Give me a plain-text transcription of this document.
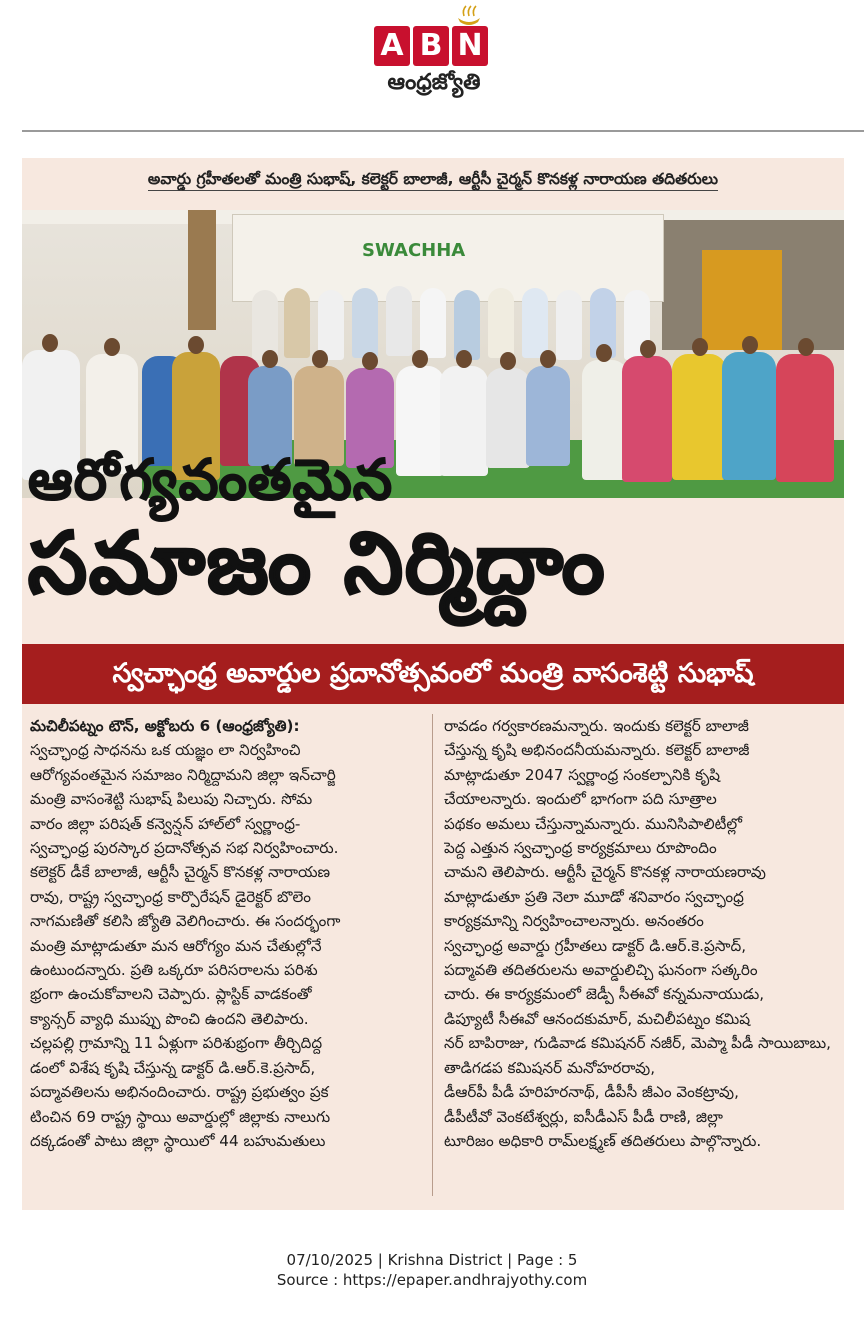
A B N
ఆంధ్రజ్యోతి
అవార్డు గ్రహీతలతో మంత్రి సుభాష్, కలెక్టర్ బాలాజీ, ఆర్టీసీ చైర్మన్ కొనకళ్ల నారాయణ తదితరులు
SWACHHA
ఆరోగ్యవంతమైన
సమాజం నిర్మిద్దాం
స్వచ్ఛాంధ్ర అవార్డుల ప్రదానోత్సవంలో మంత్రి వాసంశెట్టి సుభాష్
మచిలీపట్నం టౌన్, అక్టోబరు 6 (ఆంధ్రజ్యోతి):
స్వచ్ఛాంధ్ర సాధనను ఒక యజ్ఞం లా నిర్వహించి
ఆరోగ్యవంతమైన సమాజం నిర్మిద్దామని జిల్లా ఇన్‌చార్జి
మంత్రి వాసంశెట్టి సుభాష్ పిలుపు నిచ్చారు. సోమ
వారం జిల్లా పరిషత్ కన్వెన్షన్ హాల్‌లో స్వర్ణాంధ్ర-
స్వచ్ఛాంధ్ర పురస్కార ప్రదానోత్సవ సభ నిర్వహించారు.
కలెక్టర్ డీకే బాలాజీ, ఆర్టీసీ చైర్మన్ కొనకళ్ల నారాయణ
రావు, రాష్ట్ర స్వచ్ఛాంధ్ర కార్పొరేషన్ డైరెక్టర్ బొలెం
నాగమణితో కలిసి జ్యోతి వెలిగించారు. ఈ సందర్భంగా
మంత్రి మాట్లాడుతూ మన ఆరోగ్యం మన చేతుల్లోనే
ఉంటుందన్నారు. ప్రతి ఒక్కరూ పరిసరాలను పరిశు
భ్రంగా ఉంచుకోవాలని చెప్పారు. ప్లాస్టిక్ వాడకంతో
క్యాన్సర్ వ్యాధి ముప్పు పొంచి ఉందని తెలిపారు.
చల్లపల్లి గ్రామాన్ని 11 ఏళ్లుగా పరిశుభ్రంగా తీర్చిదిద్ద
డంలో విశేష కృషి చేస్తున్న డాక్టర్ డి.ఆర్.కె.ప్రసాద్,
పద్మావతిలను అభినందించారు. రాష్ట్ర ప్రభుత్వం ప్రక
టించిన 69 రాష్ట్ర స్థాయి అవార్డుల్లో జిల్లాకు నాలుగు
దక్కడంతో పాటు జిల్లా స్థాయిలో 44 బహుమతులు
రావడం గర్వకారణమన్నారు. ఇందుకు కలెక్టర్ బాలాజీ
చేస్తున్న కృషి అభినందనీయమన్నారు. కలెక్టర్ బాలాజీ
మాట్లాడుతూ 2047 స్వర్ణాంధ్ర సంకల్పానికి కృషి
చేయాలన్నారు. ఇందులో భాగంగా పది సూత్రాల
పథకం అమలు చేస్తున్నామన్నారు. మునిసిపాలిటీల్లో
పెద్ద ఎత్తున స్వచ్ఛాంధ్ర కార్యక్రమాలు రూపొందిం
చామని తెలిపారు. ఆర్టీసీ చైర్మన్ కొనకళ్ల నారాయణరావు
మాట్లాడుతూ ప్రతి నెలా మూడో శనివారం స్వచ్ఛాంధ్ర
కార్యక్రమాన్ని నిర్వహించాలన్నారు. అనంతరం
స్వచ్ఛాంధ్ర అవార్డు గ్రహీతలు డాక్టర్ డి.ఆర్.కె.ప్రసాద్,
పద్మావతి తదితరులను అవార్డులిచ్చి ఘనంగా సత్కరిం
చారు. ఈ కార్యక్రమంలో జెడ్పీ సీఈవో కన్నమనాయుడు,
డిప్యూటీ సీఈవో ఆనందకుమార్, మచిలీపట్నం కమిష
నర్ బాపిరాజు, గుడివాడ కమిషనర్ నజీర్, మెప్మా పీడీ సాయిబాబు,
తాడిగడప కమిషనర్ మనోహరరావు,
డీఆర్‌పీ పీడీ హరిహరనాథ్, డీపీసీ జీఎం వెంకట్రావు,
డీపీటీవో వెంకటేశ్వర్లు, ఐసీడీఎస్ పీడీ రాణి, జిల్లా
టూరిజం అధికారి రామ్‌లక్ష్మణ్ తదితరులు పాల్గొన్నారు.
07/10/2025 | Krishna District | Page : 5
Source : https://epaper.andhrajyothy.com
